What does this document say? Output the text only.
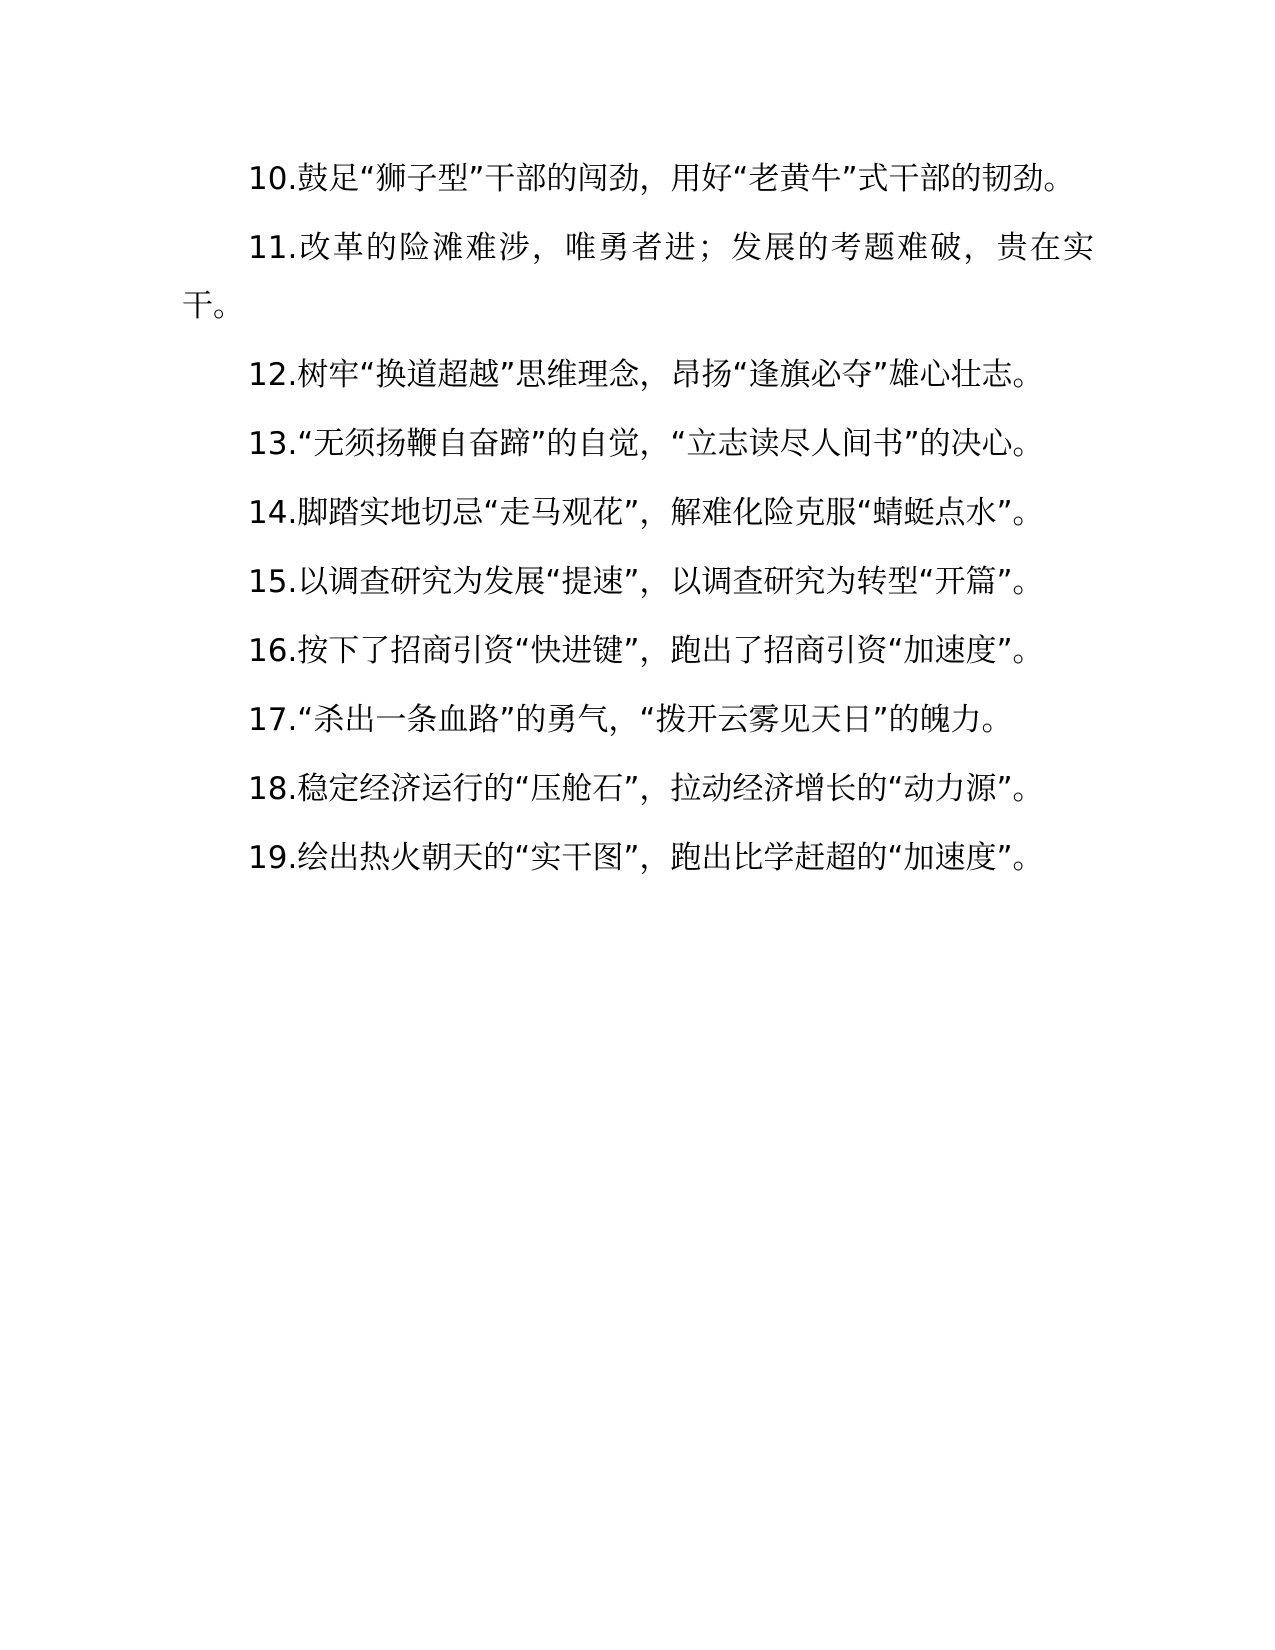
10.鼓足“狮子型”干部的闯劲，用好“老黄牛”式干部的韧劲。

11.改革的险滩难涉，唯勇者进；发展的考题难破，贵在实干。

12.树牢“换道超越”思维理念，昂扬“逢旗必夺”雄心壮志。

13.“无须扬鞭自奋蹄”的自觉，“立志读尽人间书”的决心。

14.脚踏实地切忌“走马观花”，解难化险克服“蜻蜓点水”。

15.以调查研究为发展“提速”，以调查研究为转型“开篇”。

16.按下了招商引资“快进键”，跑出了招商引资“加速度”。

17.“杀出一条血路”的勇气，“拨开云雾见天日”的魄力。

18.稳定经济运行的“压舱石”，拉动经济增长的“动力源”。

19.绘出热火朝天的“实干图”，跑出比学赶超的“加速度”。
